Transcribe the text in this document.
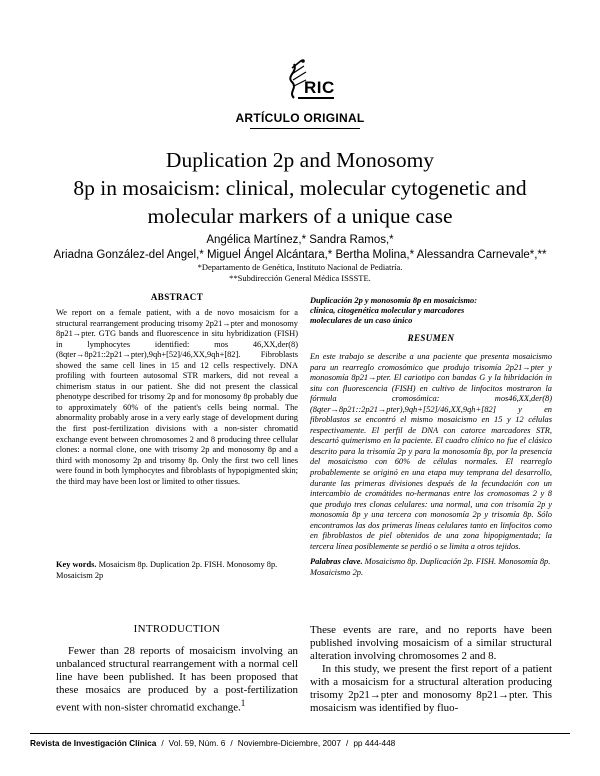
RIC
ARTÍCULO ORIGINAL
Duplication 2p and Monosomy
8p in mosaicism: clinical, molecular cytogenetic and
molecular markers of a unique case
Angélica Martínez,* Sandra Ramos,*
Ariadna González-del Angel,* Miguel Ángel Alcántara,* Bertha Molina,* Alessandra Carnevale*,**
*Departamento de Genética, Instituto Nacional de Pediatría.
**Subdirección General Médica ISSSTE.
ABSTRACT
We report on a female patient, with a de novo mosaicism for a structural rearrangement producing trisomy 2p21→pter and monosomy 8p21→pter. GTG bands and fluorescence in situ hybridization (FISH) in lymphocytes identified: mos 46,XX,der(8)(8qter→8p21::2p21→pter),9qh+[52]/46,XX,9qh+[82]. Fibroblasts showed the same cell lines in 15 and 12 cells respectively. DNA profiling with fourteen autosomal STR markers, did not reveal a chimerism status in our patient. She did not present the classical phenotype described for trisomy 2p and for monosomy 8p probably due to approximately 60% of the patient's cells being normal. The abnormality probably arose in a very early stage of development during the first post-fertilization divisions with a non-sister chromatid exchange event between chromosomes 2 and 8 producing three cellular clones: a normal clone, one with trisomy 2p and monosomy 8p and a third with monosomy 2p and trisomy 8p. Only the first two cell lines were found in both lymphocytes and fibroblasts of hypopigmented skin; the third may have been lost or limited to other tissues.
Key words. Mosaicism 8p. Duplication 2p. FISH. Monosomy 8p. Mosaicism 2p
Duplicación 2p y monosomía 8p en mosaicismo: clínica, citogenética molecular y marcadores moleculares de un caso único
RESUMEN
En este trabajo se describe a una paciente que presenta mosaicismo para un rearreglo cromosómico que produjo trisomía 2p21→pter y monosomía 8p21→pter. El cariotipo con bandas G y la hibridación in situ con fluorescencia (FISH) en cultivo de linfocitos mostraron la fórmula cromosómica: mos46,XX,der(8)(8qter→8p21::2p21→pter),9qh+[52]/46,XX,9qh+[82] y en fibroblastos se encontró el mismo mosaicismo en 15 y 12 células respectivamente. El perfil de DNA con catorce marcadores STR, descartó quimerismo en la paciente. El cuadro clínico no fue el clásico descrito para la trisomía 2p y para la monosomía 8p, por la presencia del mosaicismo con 60% de células normales. El rearreglo probablemente se originó en una etapa muy temprana del desarrollo, durante las primeras divisiones después de la fecundación con un intercambio de cromátides no-hermanas entre los cromosomas 2 y 8 que produjo tres clonas celulares: una normal, una con trisomía 2p y monosomía 8p y una tercera con monosomía 2p y trisomía 8p. Sólo encontramos las dos primeras líneas celulares tanto en linfocitos como en fibroblastos de piel obtenidos de una zona hipopigmentada; la tercera línea posiblemente se perdió o se limita a otros tejidos.
Palabras clave. Mosaicismo 8p. Duplicación 2p. FISH. Monosomía 8p. Mosaicismo 2p.
INTRODUCTION

Fewer than 28 reports of mosaicism involving an unbalanced structural rearrangement with a normal cell line have been published. It has been proposed that these mosaics are produced by a post-fertilization event with non-sister chromatid exchange.$^1$

These events are rare, and no reports have been published involving mosaicism of a similar structural alteration involving chromosomes 2 and 8.

In this study, we present the first report of a patient with a mosaicism for a structural alteration producing trisomy 2p21→pter and monosomy 8p21→pter. This mosaicism was identified by fluo-

Revista de Investigación Clínica / Vol. 59, Núm. 6 / Noviembre-Diciembre, 2007 / pp 444-448
